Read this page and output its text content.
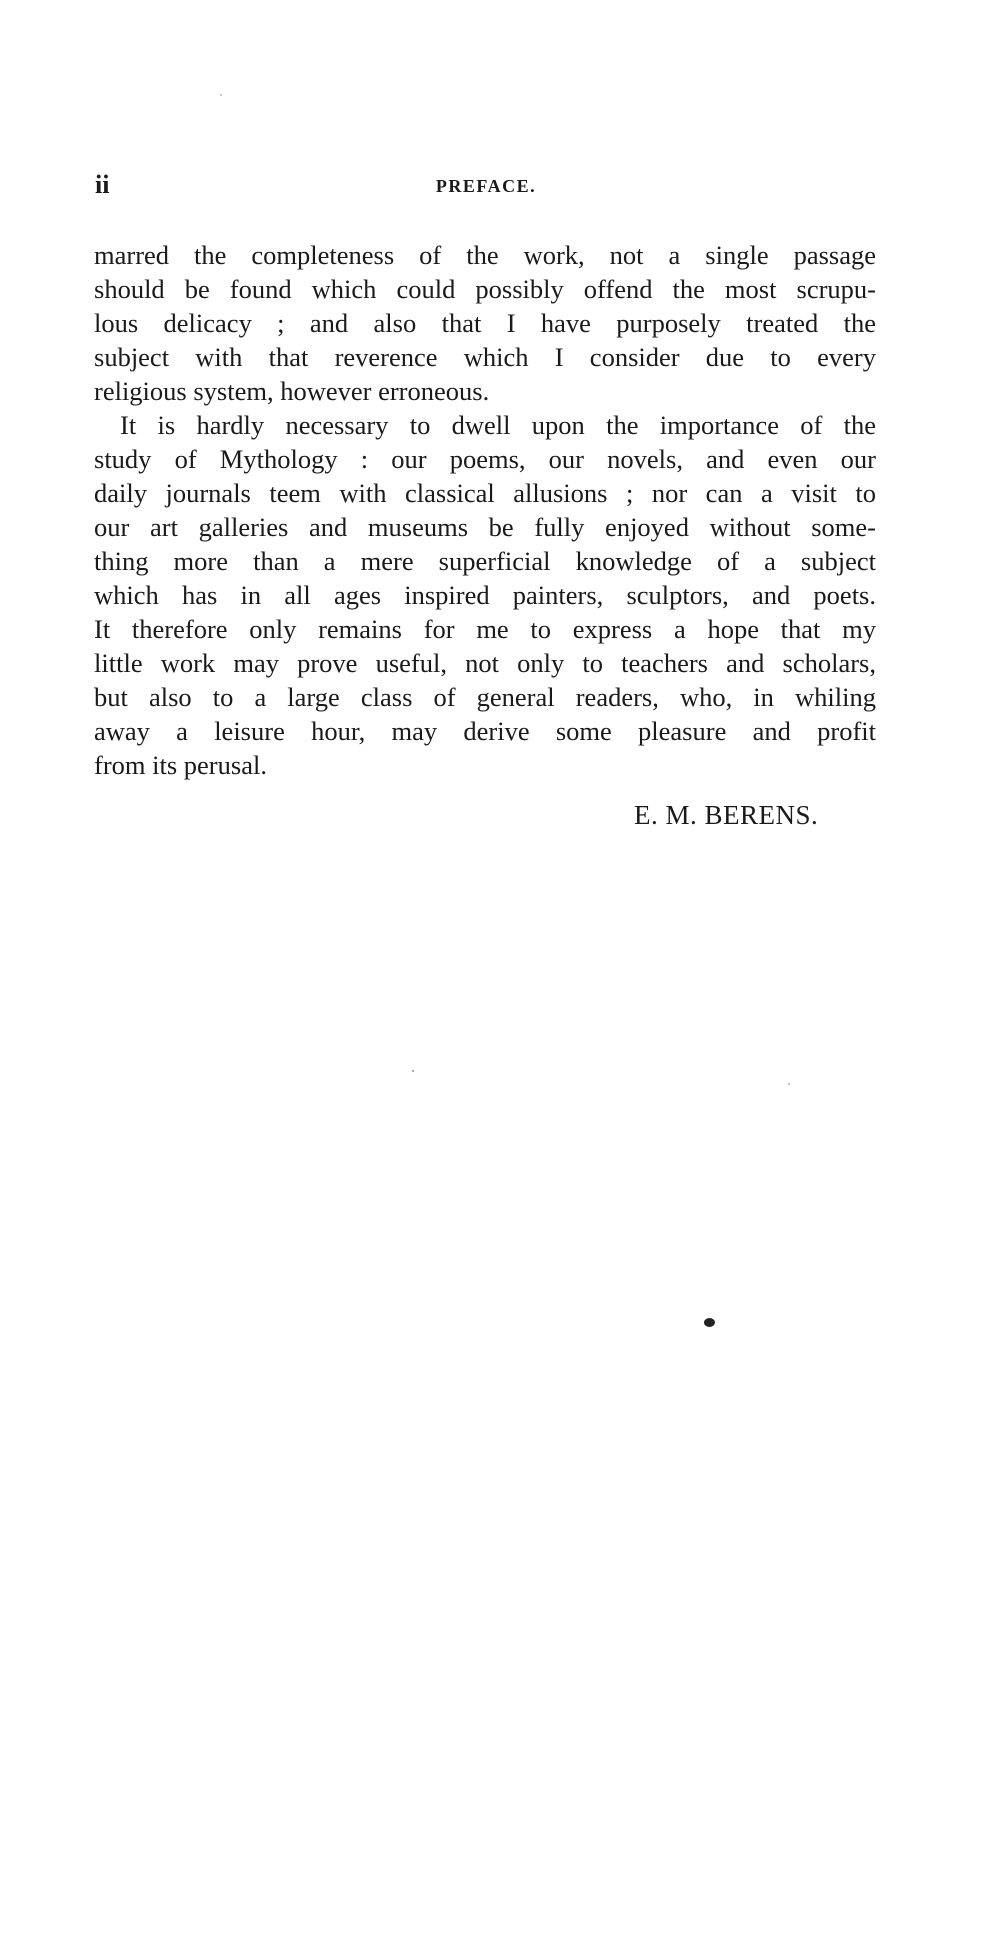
ii	PREFACE.
marred the completeness of the work, not a single passage
should be found which could possibly offend the most scrupu-
lous delicacy ; and also that I have purposely treated the
subject with that reverence which I consider due to every
religious system, however erroneous.
It is hardly necessary to dwell upon the importance of the
study of Mythology : our poems, our novels, and even our
daily journals teem with classical allusions ; nor can a visit to
our art galleries and museums be fully enjoyed without some-
thing more than a mere superficial knowledge of a subject
which has in all ages inspired painters, sculptors, and poets.
It therefore only remains for me to express a hope that my
little work may prove useful, not only to teachers and scholars,
but also to a large class of general readers, who, in whiling
away a leisure hour, may derive some pleasure and profit
from its perusal.
E. M. BERENS.
